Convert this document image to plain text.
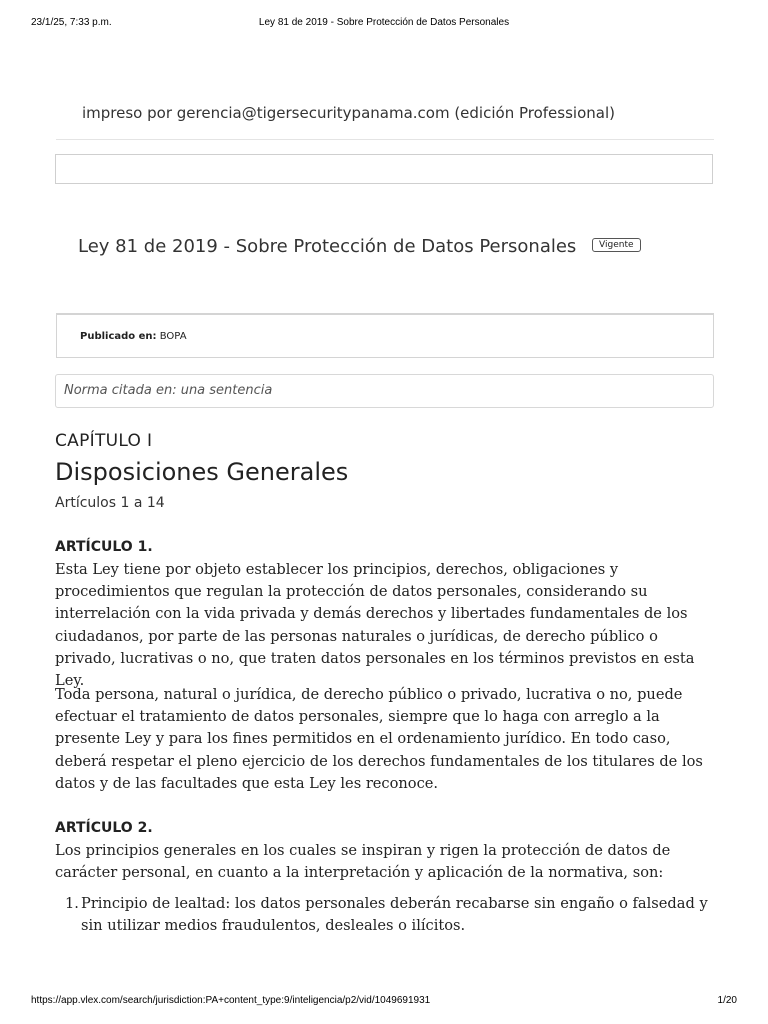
23/1/25, 7:33 p.m.	Ley 81 de 2019 - Sobre Protección de Datos Personales
impreso por gerencia@tigersecuritypanama.com (edición Professional)
Ley 81 de 2019 - Sobre Protección de Datos Personales	Vigente
Publicado en: BOPA
Norma citada en: una sentencia
CAPÍTULO I
Disposiciones Generales
Artículos 1 a 14
ARTÍCULO 1.
Esta Ley tiene por objeto establecer los principios, derechos, obligaciones y procedimientos que regulan la protección de datos personales, considerando su interrelación con la vida privada y demás derechos y libertades fundamentales de los ciudadanos, por parte de las personas naturales o jurídicas, de derecho público o privado, lucrativas o no, que traten datos personales en los términos previstos en esta Ley.
Toda persona, natural o jurídica, de derecho público o privado, lucrativa o no, puede efectuar el tratamiento de datos personales, siempre que lo haga con arreglo a la presente Ley y para los fines permitidos en el ordenamiento jurídico. En todo caso, deberá respetar el pleno ejercicio de los derechos fundamentales de los titulares de los datos y de las facultades que esta Ley les reconoce.
ARTÍCULO 2.
Los principios generales en los cuales se inspiran y rigen la protección de datos de carácter personal, en cuanto a la interpretación y aplicación de la normativa, son:
1. Principio de lealtad: los datos personales deberán recabarse sin engaño o falsedad y sin utilizar medios fraudulentos, desleales o ilícitos.
https://app.vlex.com/search/jurisdiction:PA+content_type:9/inteligencia/p2/vid/1049691931	1/20
